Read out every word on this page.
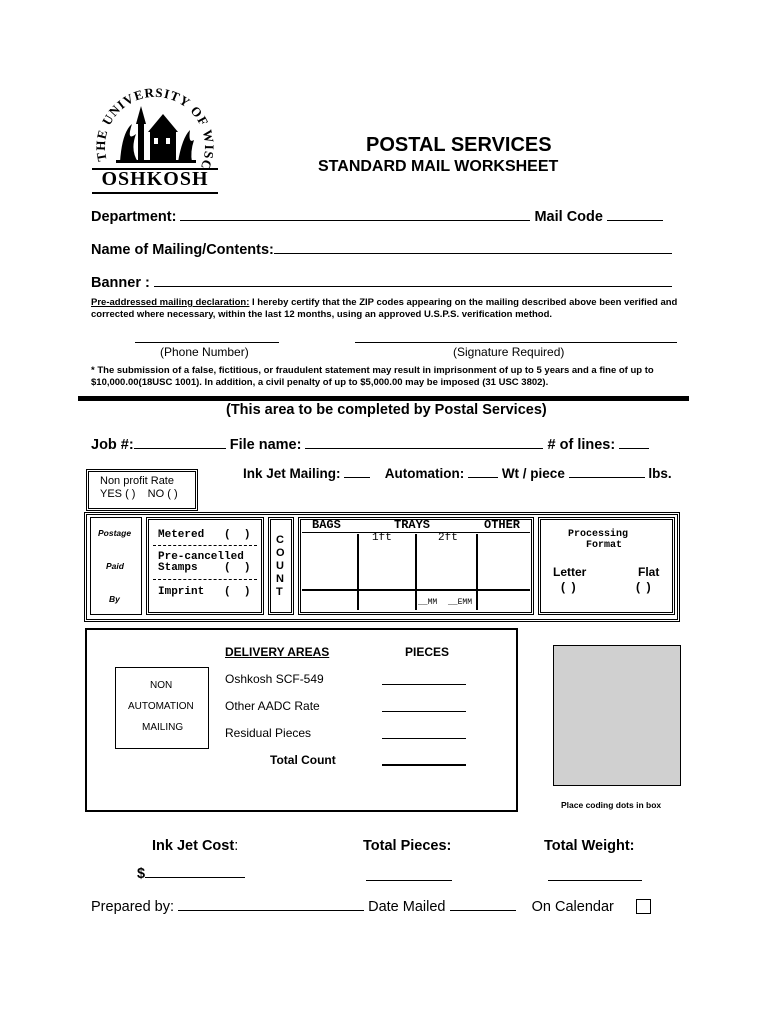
THE UNIVERSITY OF WISC
OSHKOSH
POSTAL SERVICES
STANDARD MAIL WORKSHEET
Department:	Mail Code
Name of Mailing/Contents:
Banner :
Pre-addressed mailing declaration: I hereby certify that the ZIP codes appearing on the mailing described above been verified and corrected where necessary, within the last 12 months, using an approved U.S.P.S. verification method.
(Phone Number)	(Signature Required)
* The submission of a false, fictitious, or fraudulent statement may result in imprisonment of up to 5 years and a fine of up to $10,000.00(18USC 1001). In addition, a civil penalty of up to $5,000.00 may be imposed (31 USC 3802).
(This area to be completed by Postal Services)
Job #:	File name:	# of lines:
Non profit Rate
YES ( )    NO ( )
Ink Jet Mailing:	Automation:	Wt / piece	lbs.
Postage
Paid
By
Metered   (  )
Pre-cancelled
Stamps    (  )
Imprint   (  )
C
O
U
N
T
BAGS	TRAYS	OTHER
1ft	2ft
__MM __EMM
Processing
Format
Letter	Flat
(  )	(  )
NON
AUTOMATION
MAILING
DELIVERY AREAS	PIECES
Oshkosh SCF-549
Other AADC Rate
Residual Pieces
Total Count
Place coding dots in box
Ink Jet Cost:	Total Pieces:	Total Weight:
$
Prepared by:	Date Mailed	On Calendar
